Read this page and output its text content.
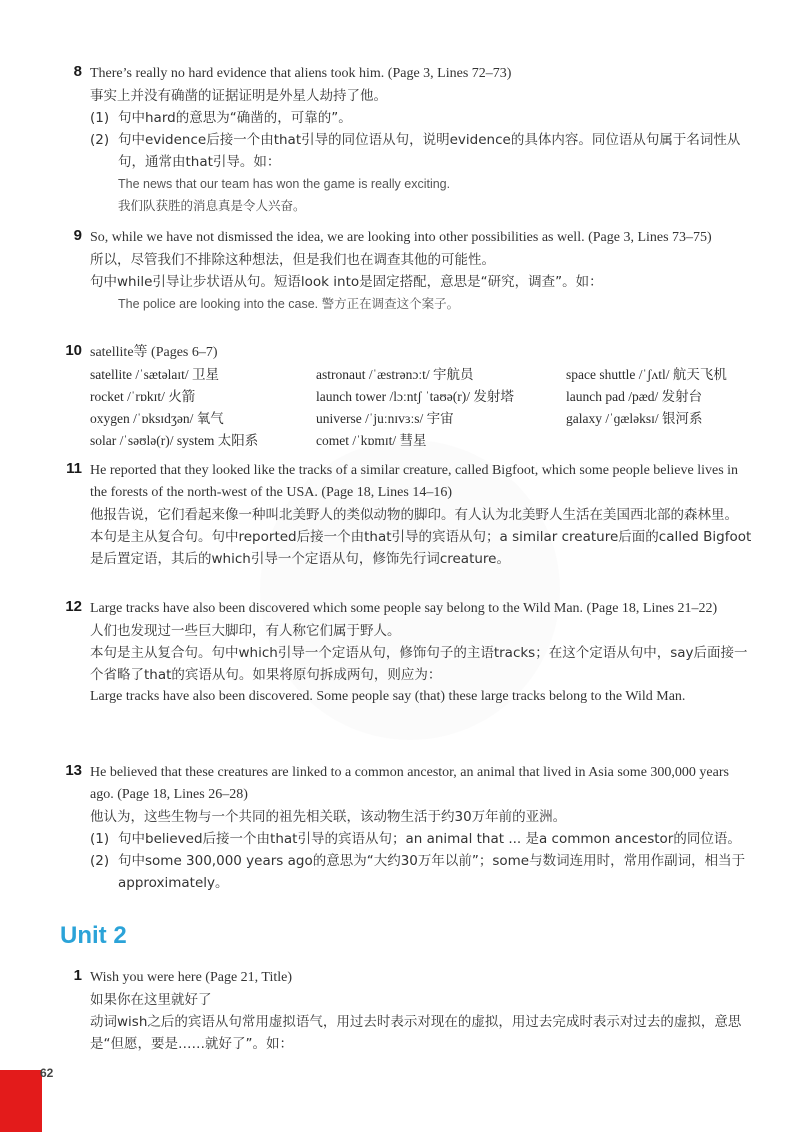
8 There’s really no hard evidence that aliens took him. (Page 3, Lines 72–73)

事实上并没有确凿的证据证明是外星人劫持了他。

(1) 句中hard的意思为“确凿的，可靠的”。
(2) 句中evidence后接一个由that引导的同位语从句，说明evidence的具体内容。同位语从句属于名词性从句，通常由that引导。如：

The news that our team has won the game is really exciting.

我们队获胜的消息真是令人兴奋。

9 So, while we have not dismissed the idea, we are looking into other possibilities as well. (Page 3, Lines 73–75)

所以，尽管我们不排除这种想法，但是我们也在调查其他的可能性。

句中while引导让步状语从句。短语look into是固定搭配，意思是“研究，调查”。如：

The police are looking into the case. 警方正在调查这个案子。

10 satellite等 (Pages 6–7)

satellite /ˈsætəlaɪt/ 卫星	astronaut /ˈæstrənɔːt/ 宇航员	space shuttle /ˈʃʌtl/ 航天飞机
rocket /ˈrɒkɪt/ 火箭	launch tower /lɔːntʃ ˈtaʊə(r)/ 发射塔	launch pad /pæd/ 发射台
oxygen /ˈɒksɪdʒən/ 氧气	universe /ˈjuːnɪvɜːs/ 宇宙	galaxy /ˈɡæləksɪ/ 银河系
solar /ˈsəʊlə(r)/ system 太阳系	comet /ˈkɒmɪt/ 彗星
11 He reported that they looked like the tracks of a similar creature, called Bigfoot, which some people believe lives in the forests of the north-west of the USA. (Page 18, Lines 14–16)

他报告说，它们看起来像一种叫北美野人的类似动物的脚印。有人认为北美野人生活在美国西北部的森林里。

本句是主从复合句。句中reported后接一个由that引导的宾语从句；a similar creature后面的called Bigfoot是后置定语，其后的which引导一个定语从句，修饰先行词creature。

12 Large tracks have also been discovered which some people say belong to the Wild Man. (Page 18, Lines 21–22)

人们也发现过一些巨大脚印，有人称它们属于野人。

本句是主从复合句。句中which引导一个定语从句，修饰句子的主语tracks；在这个定语从句中，say后面接一个省略了that的宾语从句。如果将原句拆成两句，则应为：

Large tracks have also been discovered. Some people say (that) these large tracks belong to the Wild Man.

13 He believed that these creatures are linked to a common ancestor, an animal that lived in Asia some 300,000 years ago. (Page 18, Lines 26–28)

他认为，这些生物与一个共同的祖先相关联，该动物生活于约30万年前的亚洲。

(1) 句中believed后接一个由that引导的宾语从句；an animal that ... 是a common ancestor的同位语。
(2) 句中some 300,000 years ago的意思为“大约30万年以前”；some与数词连用时，常用作副词，相当于approximately。
Unit 2
1 Wish you were here (Page 21, Title)

如果你在这里就好了

动词wish之后的宾语从句常用虚拟语气，用过去时表示对现在的虚拟，用过去完成时表示对过去的虚拟，意思是“但愿，要是……就好了”。如：

62
